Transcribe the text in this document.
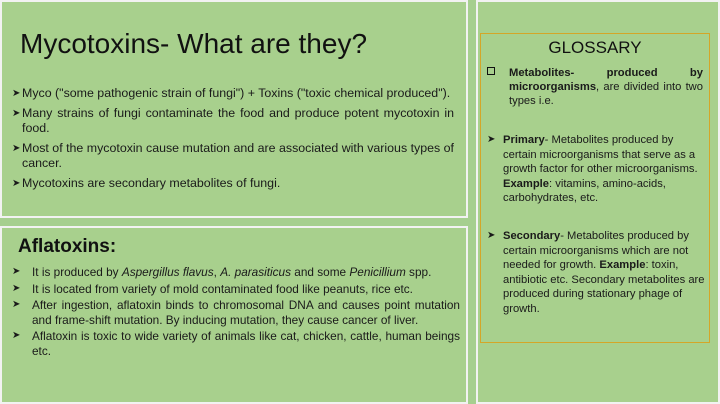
Mycotoxins- What are they?
➤ Myco ("some pathogenic strain of fungi") + Toxins ("toxic chemical produced").
➤ Many strains of fungi contaminate the food and produce potent mycotoxin in food.
➤ Most of the mycotoxin cause mutation and are associated with various types of cancer.
➤ Mycotoxins are secondary metabolites of fungi.
Aflatoxins:
➤ It is produced by Aspergillus flavus, A. parasiticus and some Penicillium spp.
➤ It is located from variety of mold contaminated food like peanuts, rice etc.
➤ After ingestion, aflatoxin binds to chromosomal DNA and causes point mutation and frame-shift mutation. By inducing mutation, they cause cancer of liver.
➤ Aflatoxin is toxic to wide variety of animals like cat, chicken, cattle, human beings etc.
GLOSSARY
Metabolites- produced by microorganisms, are divided into two types i.e.
➤ Primary- Metabolites produced by certain microorganisms that serve as a growth factor for other microorganisms. Example: vitamins, amino-acids, carbohydrates, etc.
➤ Secondary- Metabolites produced by certain microorganisms which are not needed for growth. Example: toxin, antibiotic etc. Secondary metabolites are produced during stationary phage of growth.
